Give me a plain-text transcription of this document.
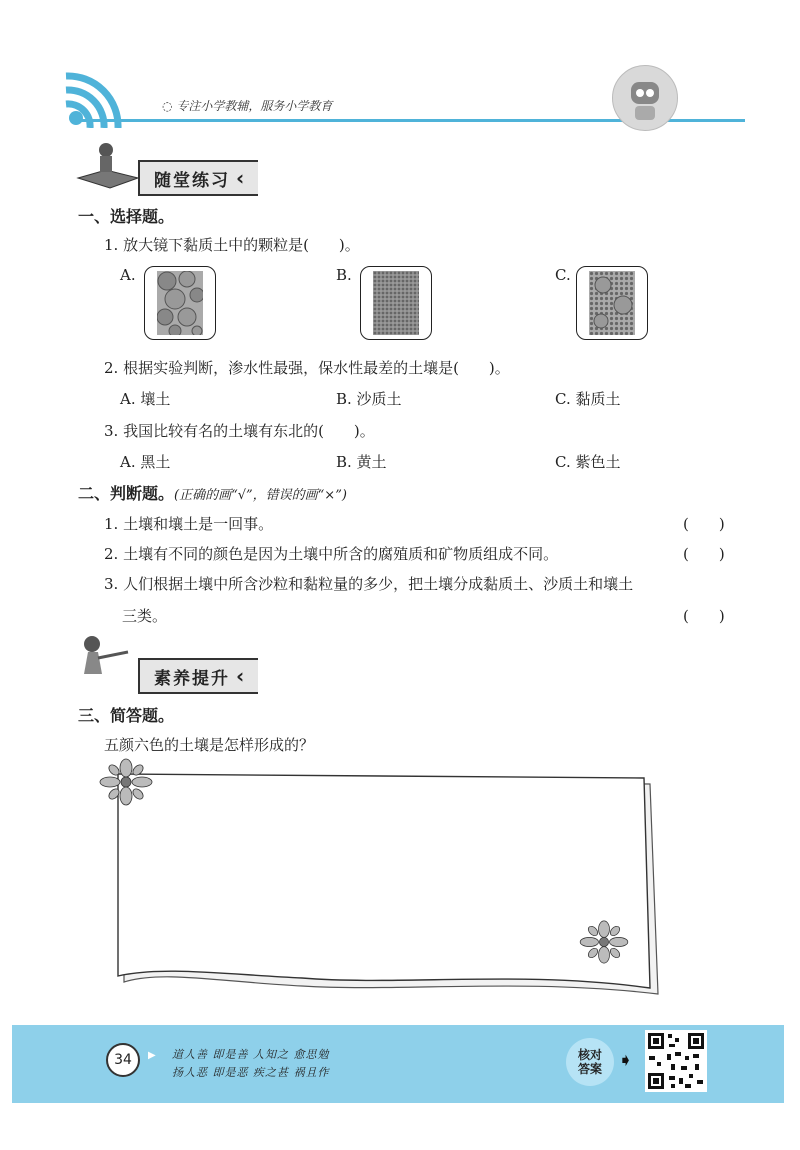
◌ 专注小学教辅，服务小学教育
随堂练习 ‹
一、选择题。
1. 放大镜下黏质土中的颗粒是(　　)。
A.	B.	C.
2. 根据实验判断，渗水性最强，保水性最差的土壤是(　　)。
A. 壤土	B. 沙质土	C. 黏质土
3. 我国比较有名的土壤有东北的(　　)。
A. 黑土	B. 黄土	C. 紫色土
二、判断题。(正确的画“√”，错误的画“×”)
1. 土壤和壤土是一回事。	(　　)
2. 土壤有不同的颜色是因为土壤中所含的腐殖质和矿物质组成不同。	(　　)
3. 人们根据土壤中所含沙粒和黏粒量的多少，把土壤分成黏质土、沙质土和壤土
三类。	(　　)
素养提升 ‹
三、简答题。
五颜六色的土壤是怎样形成的？
34	▶ 道人善 即是善 人知之 愈思勉
扬人恶 即是恶 疾之甚 祸且作
核对
答案 ➧
